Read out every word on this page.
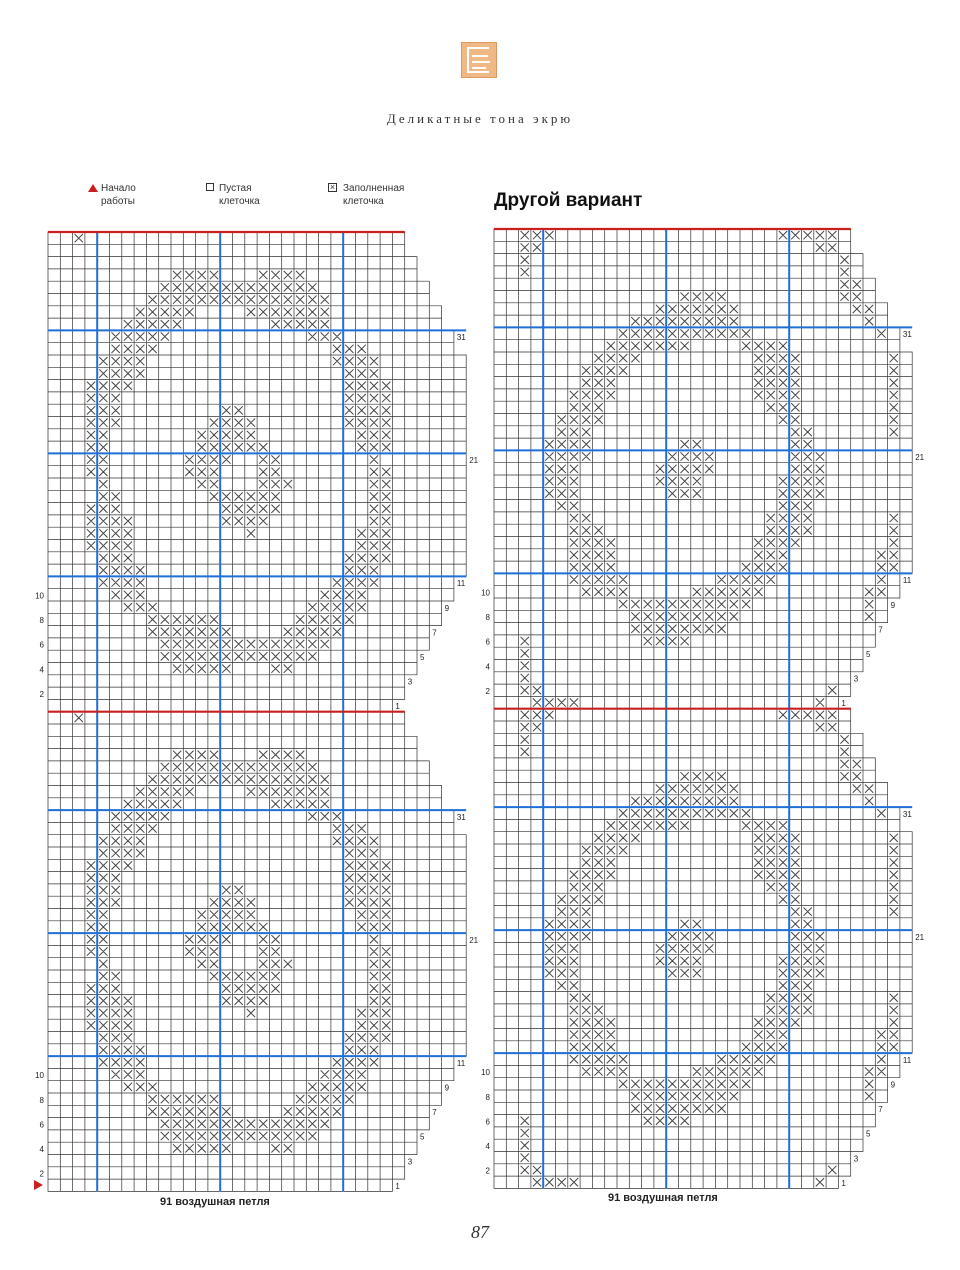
Деликатные тона экрю
Начало
работы
Пустая
клеточка
× Заполненная
клеточка	Другой вариант
1
3
5
7
9
11
21
31
2
4
6
8
10
1
3
5
7
9
11
21
31
2
4
6
8
10
1
3
5
7
9
11
21
31
2
4
6
8
10
1
3
5
7
9
11
21
31
2
4
6
8
10
91 воздушная петля	91 воздушная петля
87
